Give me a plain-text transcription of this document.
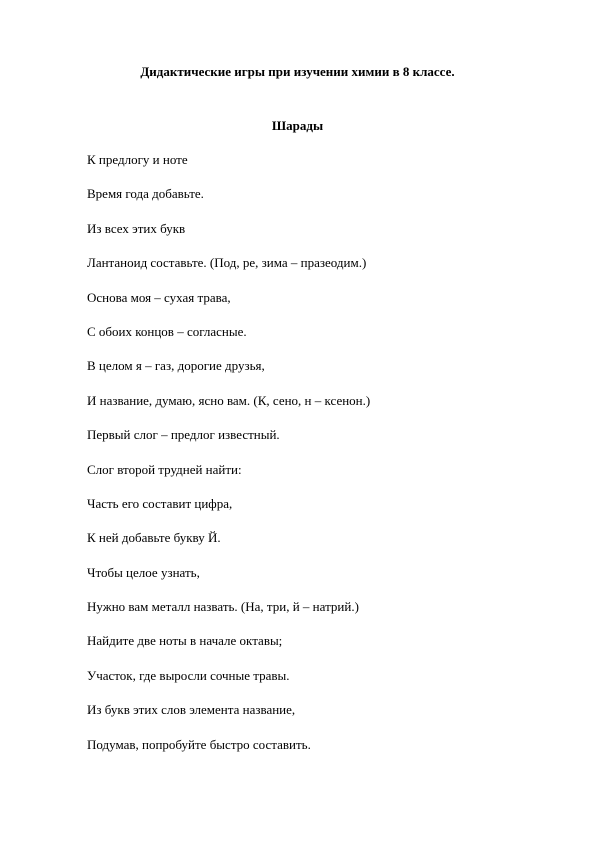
Дидактические игры при изучении химии в 8 классе.
Шарады
К предлогу и ноте
Время года добавьте.
Из всех этих букв
Лантаноид составьте. (Под, ре, зима – празеодим.)
Основа моя – сухая трава,
С обоих концов – согласные.
В целом я – газ, дорогие друзья,
И название, думаю, ясно вам. (К, сено, н – ксенон.)
Первый слог – предлог известный.
Слог второй трудней найти:
Часть его составит цифра,
К ней добавьте букву Й.
Чтобы целое узнать,
Нужно вам металл назвать. (На, три, й – натрий.)
Найдите две ноты в начале октавы;
Участок, где выросли сочные травы.
Из букв этих слов элемента название,
Подумав, попробуйте быстро составить.
